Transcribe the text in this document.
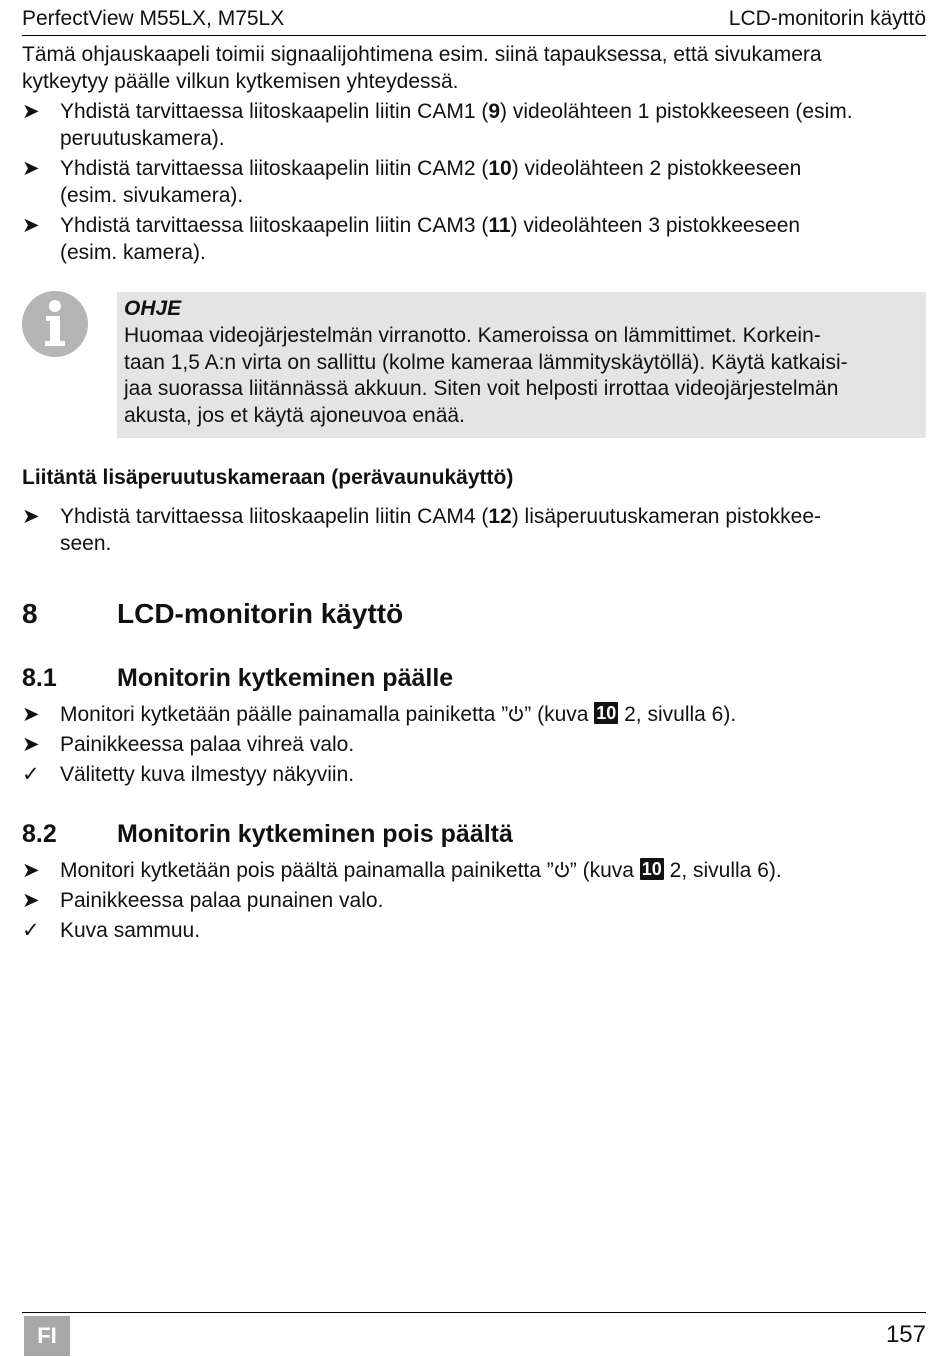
PerfectView M55LX, M75LX	LCD-monitorin käyttö
Tämä ohjauskaapeli toimii signaalijohtimena esim. siinä tapauksessa, että sivukamera
kytkeytyy päälle vilkun kytkemisen yhteydessä.
➤ Yhdistä tarvittaessa liitoskaapelin liitin CAM1 (9) videolähteen 1 pistokkeeseen (esim.
peruutuskamera).
➤ Yhdistä tarvittaessa liitoskaapelin liitin CAM2 (10) videolähteen 2 pistokkeeseen
(esim. sivukamera).
➤ Yhdistä tarvittaessa liitoskaapelin liitin CAM3 (11) videolähteen 3 pistokkeeseen
(esim. kamera).
OHJE
Huomaa videojärjestelmän virranotto. Kameroissa on lämmittimet. Korkein-
taan 1,5 A:n virta on sallittu (kolme kameraa lämmityskäytöllä). Käytä katkaisi-
jaa suorassa liitännässä akkuun. Siten voit helposti irrottaa videojärjestelmän
akusta, jos et käytä ajoneuvoa enää.
Liitäntä lisäperuutuskameraan (perävaunukäyttö)
➤ Yhdistä tarvittaessa liitoskaapelin liitin CAM4 (12) lisäperuutuskameran pistokkee-
seen.
8	LCD-monitorin käyttö
8.1 Monitorin kytkeminen päälle
➤ Monitori kytketään päälle painamalla painiketta ” ” (kuva 10 2, sivulla 6).
➤ Painikkeessa palaa vihreä valo.
✓ Välitetty kuva ilmestyy näkyviin.
8.2 Monitorin kytkeminen pois päältä
➤ Monitori kytketään pois päältä painamalla painiketta ” ” (kuva 10 2, sivulla 6).
➤ Painikkeessa palaa punainen valo.
✓ Kuva sammuu.
FI	157
